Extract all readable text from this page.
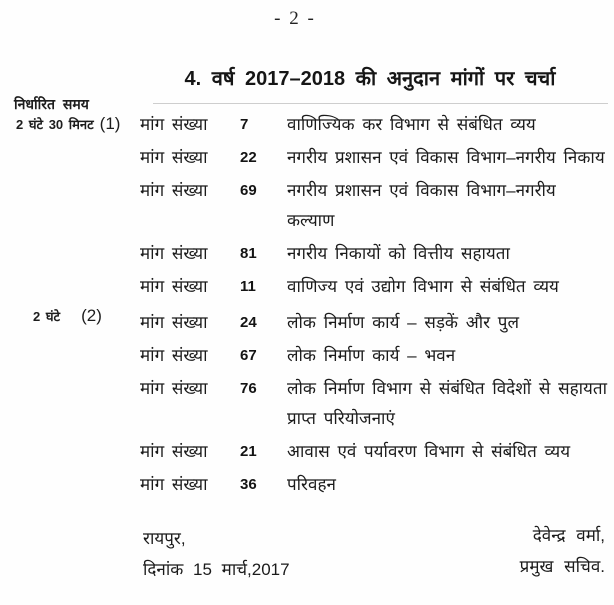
- 2 -
4. वर्ष 2017–2018 की अनुदान मांगों पर चर्चा
निर्धारित समय
2 घंटे 30 मिनट (1)
2 घंटे (2)
मांग संख्या	7	वाणिज्यिक कर विभाग से संबंधित व्यय
मांग संख्या	22	नगरीय प्रशासन एवं विकास विभाग–नगरीय निकाय
मांग संख्या	69	नगरीय प्रशासन एवं विकास विभाग–नगरीय कल्याण
मांग संख्या	81	नगरीय निकायों को वित्तीय सहायता
मांग संख्या	11	वाणिज्य एवं उद्योग विभाग से संबंधित व्यय
मांग संख्या	24	लोक निर्माण कार्य – सड़कें और पुल
मांग संख्या	67	लोक निर्माण कार्य – भवन
मांग संख्या	76	लोक निर्माण विभाग से संबंधित विदेशों से सहायता प्राप्त परियोजनाएं
मांग संख्या	21	आवास एवं पर्यावरण विभाग से संबंधित व्यय
मांग संख्या	36	परिवहन
रायपुर,
दिनांक 15 मार्च,2017
देवेन्द्र वर्मा,
प्रमुख सचिव.
